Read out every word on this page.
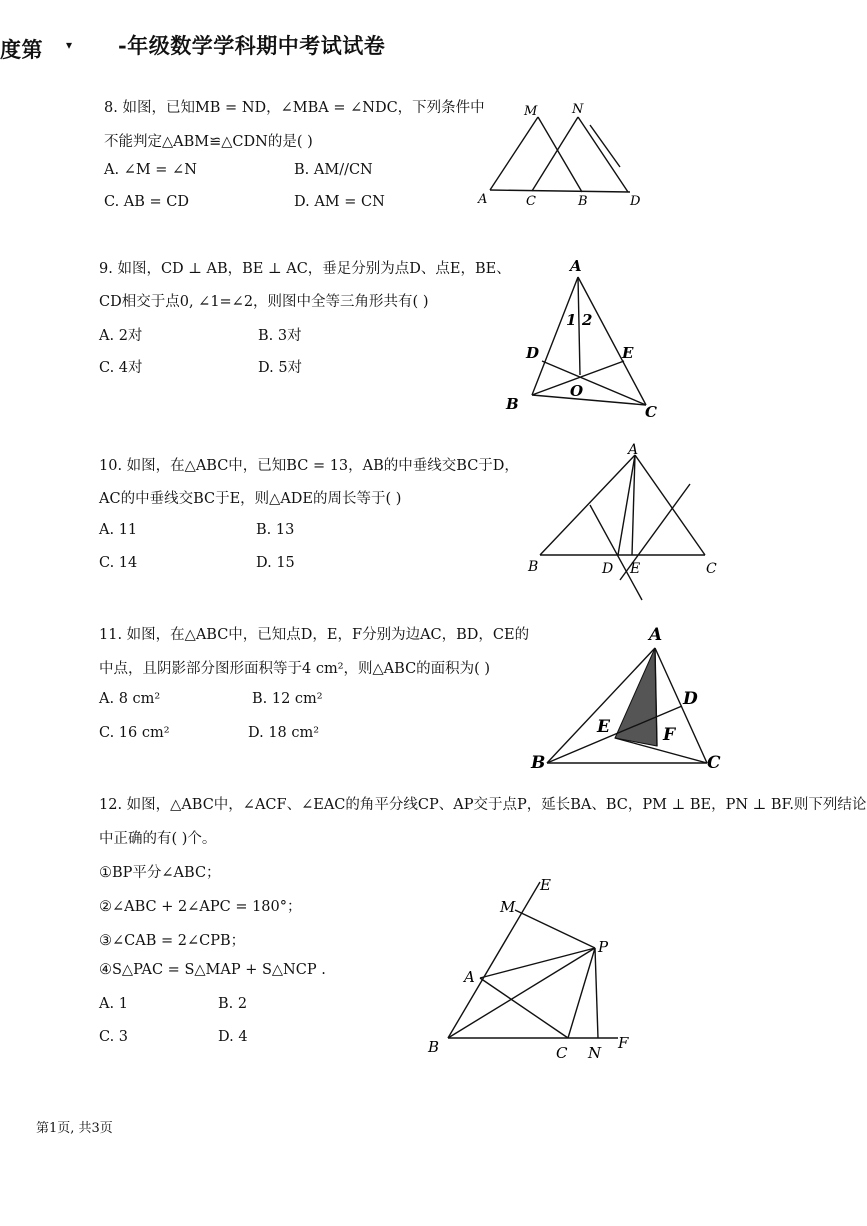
度第 ▾ -年级数学学科期中考试试卷
8. 如图，已知MB = ND，∠MBA = ∠NDC，下列条件中
不能判定△ABM≌△CDN的是( )
A. ∠M = ∠N	B. AM//CN
C. AB = CD	D. AM = CN
M	N
A	C	B	D
9. 如图，CD ⊥ AB，BE ⊥ AC，垂足分别为点D、点E，BE、
CD相交于点0, ∠1=∠2，则图中全等三角形共有( )
A. 2对	B. 3对
C. 4对	D. 5对
A
1 2
D	E
O
B	C
10. 如图，在△ABC中，已知BC = 13，AB的中垂线交BC于D，
AC的中垂线交BC于E，则△ADE的周长等于( )
A. 11	B. 13
C. 14	D. 15
A
B	D E	C
11. 如图，在△ABC中，已知点D，E，F分别为边AC，BD，CE的
中点，且阴影部分图形面积等于4 cm²，则△ABC的面积为( )
A. 8 cm²	B. 12 cm²
C. 16 cm²	D. 18 cm²
A
D
E	F
B	C
12. 如图，△ABC中，∠ACF、∠EAC的角平分线CP、AP交于点P，延长BA、BC，PM ⊥ BE，PN ⊥ BF.则下列结论
中正确的有( )个。
①BP平分∠ABC；
②∠ABC + 2∠APC = 180°；
③∠CAB = 2∠CPB；
④S△PAC = S△MAP + S△NCP .
A. 1	B. 2
C. 3	D. 4
E
M
P
A
B	C N
F
第1页, 共3页
